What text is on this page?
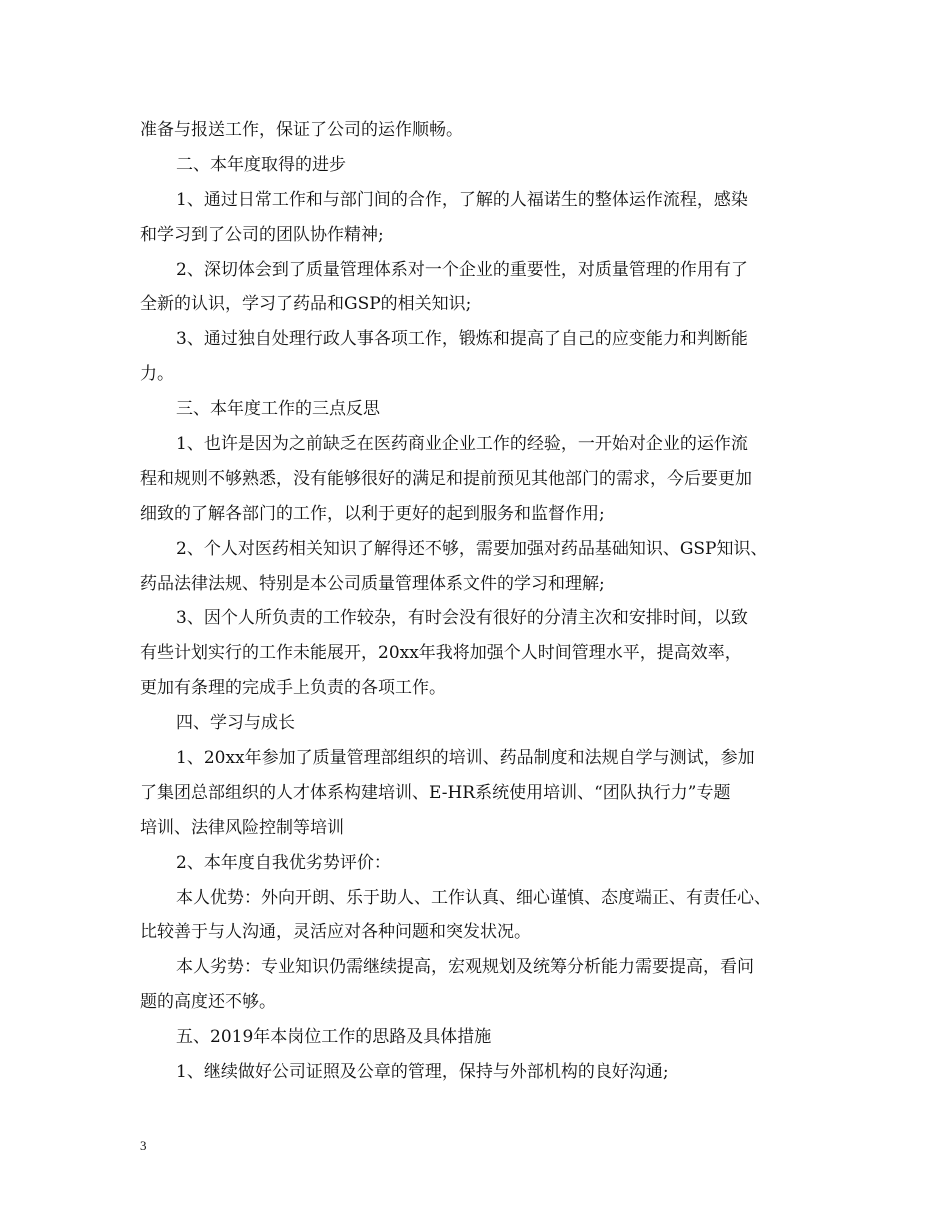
准备与报送工作，保证了公司的运作顺畅。
二、本年度取得的进步
1、通过日常工作和与部门间的合作，了解的人福诺生的整体运作流程，感染
和学习到了公司的团队协作精神;
2、深切体会到了质量管理体系对一个企业的重要性，对质量管理的作用有了
全新的认识，学习了药品和GSP的相关知识;
3、通过独自处理行政人事各项工作，锻炼和提高了自己的应变能力和判断能
力。
三、本年度工作的三点反思
1、也许是因为之前缺乏在医药商业企业工作的经验，一开始对企业的运作流
程和规则不够熟悉，没有能够很好的满足和提前预见其他部门的需求，今后要更加
细致的了解各部门的工作，以利于更好的起到服务和监督作用;
2、个人对医药相关知识了解得还不够，需要加强对药品基础知识、GSP知识、
药品法律法规、特别是本公司质量管理体系文件的学习和理解;
3、因个人所负责的工作较杂，有时会没有很好的分清主次和安排时间，以致
有些计划实行的工作未能展开，20xx年我将加强个人时间管理水平，提高效率，
更加有条理的完成手上负责的各项工作。
四、学习与成长
1、20xx年参加了质量管理部组织的培训、药品制度和法规自学与测试，参加
了集团总部组织的人才体系构建培训、E-HR系统使用培训、“团队执行力”专题
培训、法律风险控制等培训
2、本年度自我优劣势评价：
本人优势：外向开朗、乐于助人、工作认真、细心谨慎、态度端正、有责任心、
比较善于与人沟通，灵活应对各种问题和突发状况。
本人劣势：专业知识仍需继续提高，宏观规划及统筹分析能力需要提高，看问
题的高度还不够。
五、2019年本岗位工作的思路及具体措施
1、继续做好公司证照及公章的管理，保持与外部机构的良好沟通;
3
